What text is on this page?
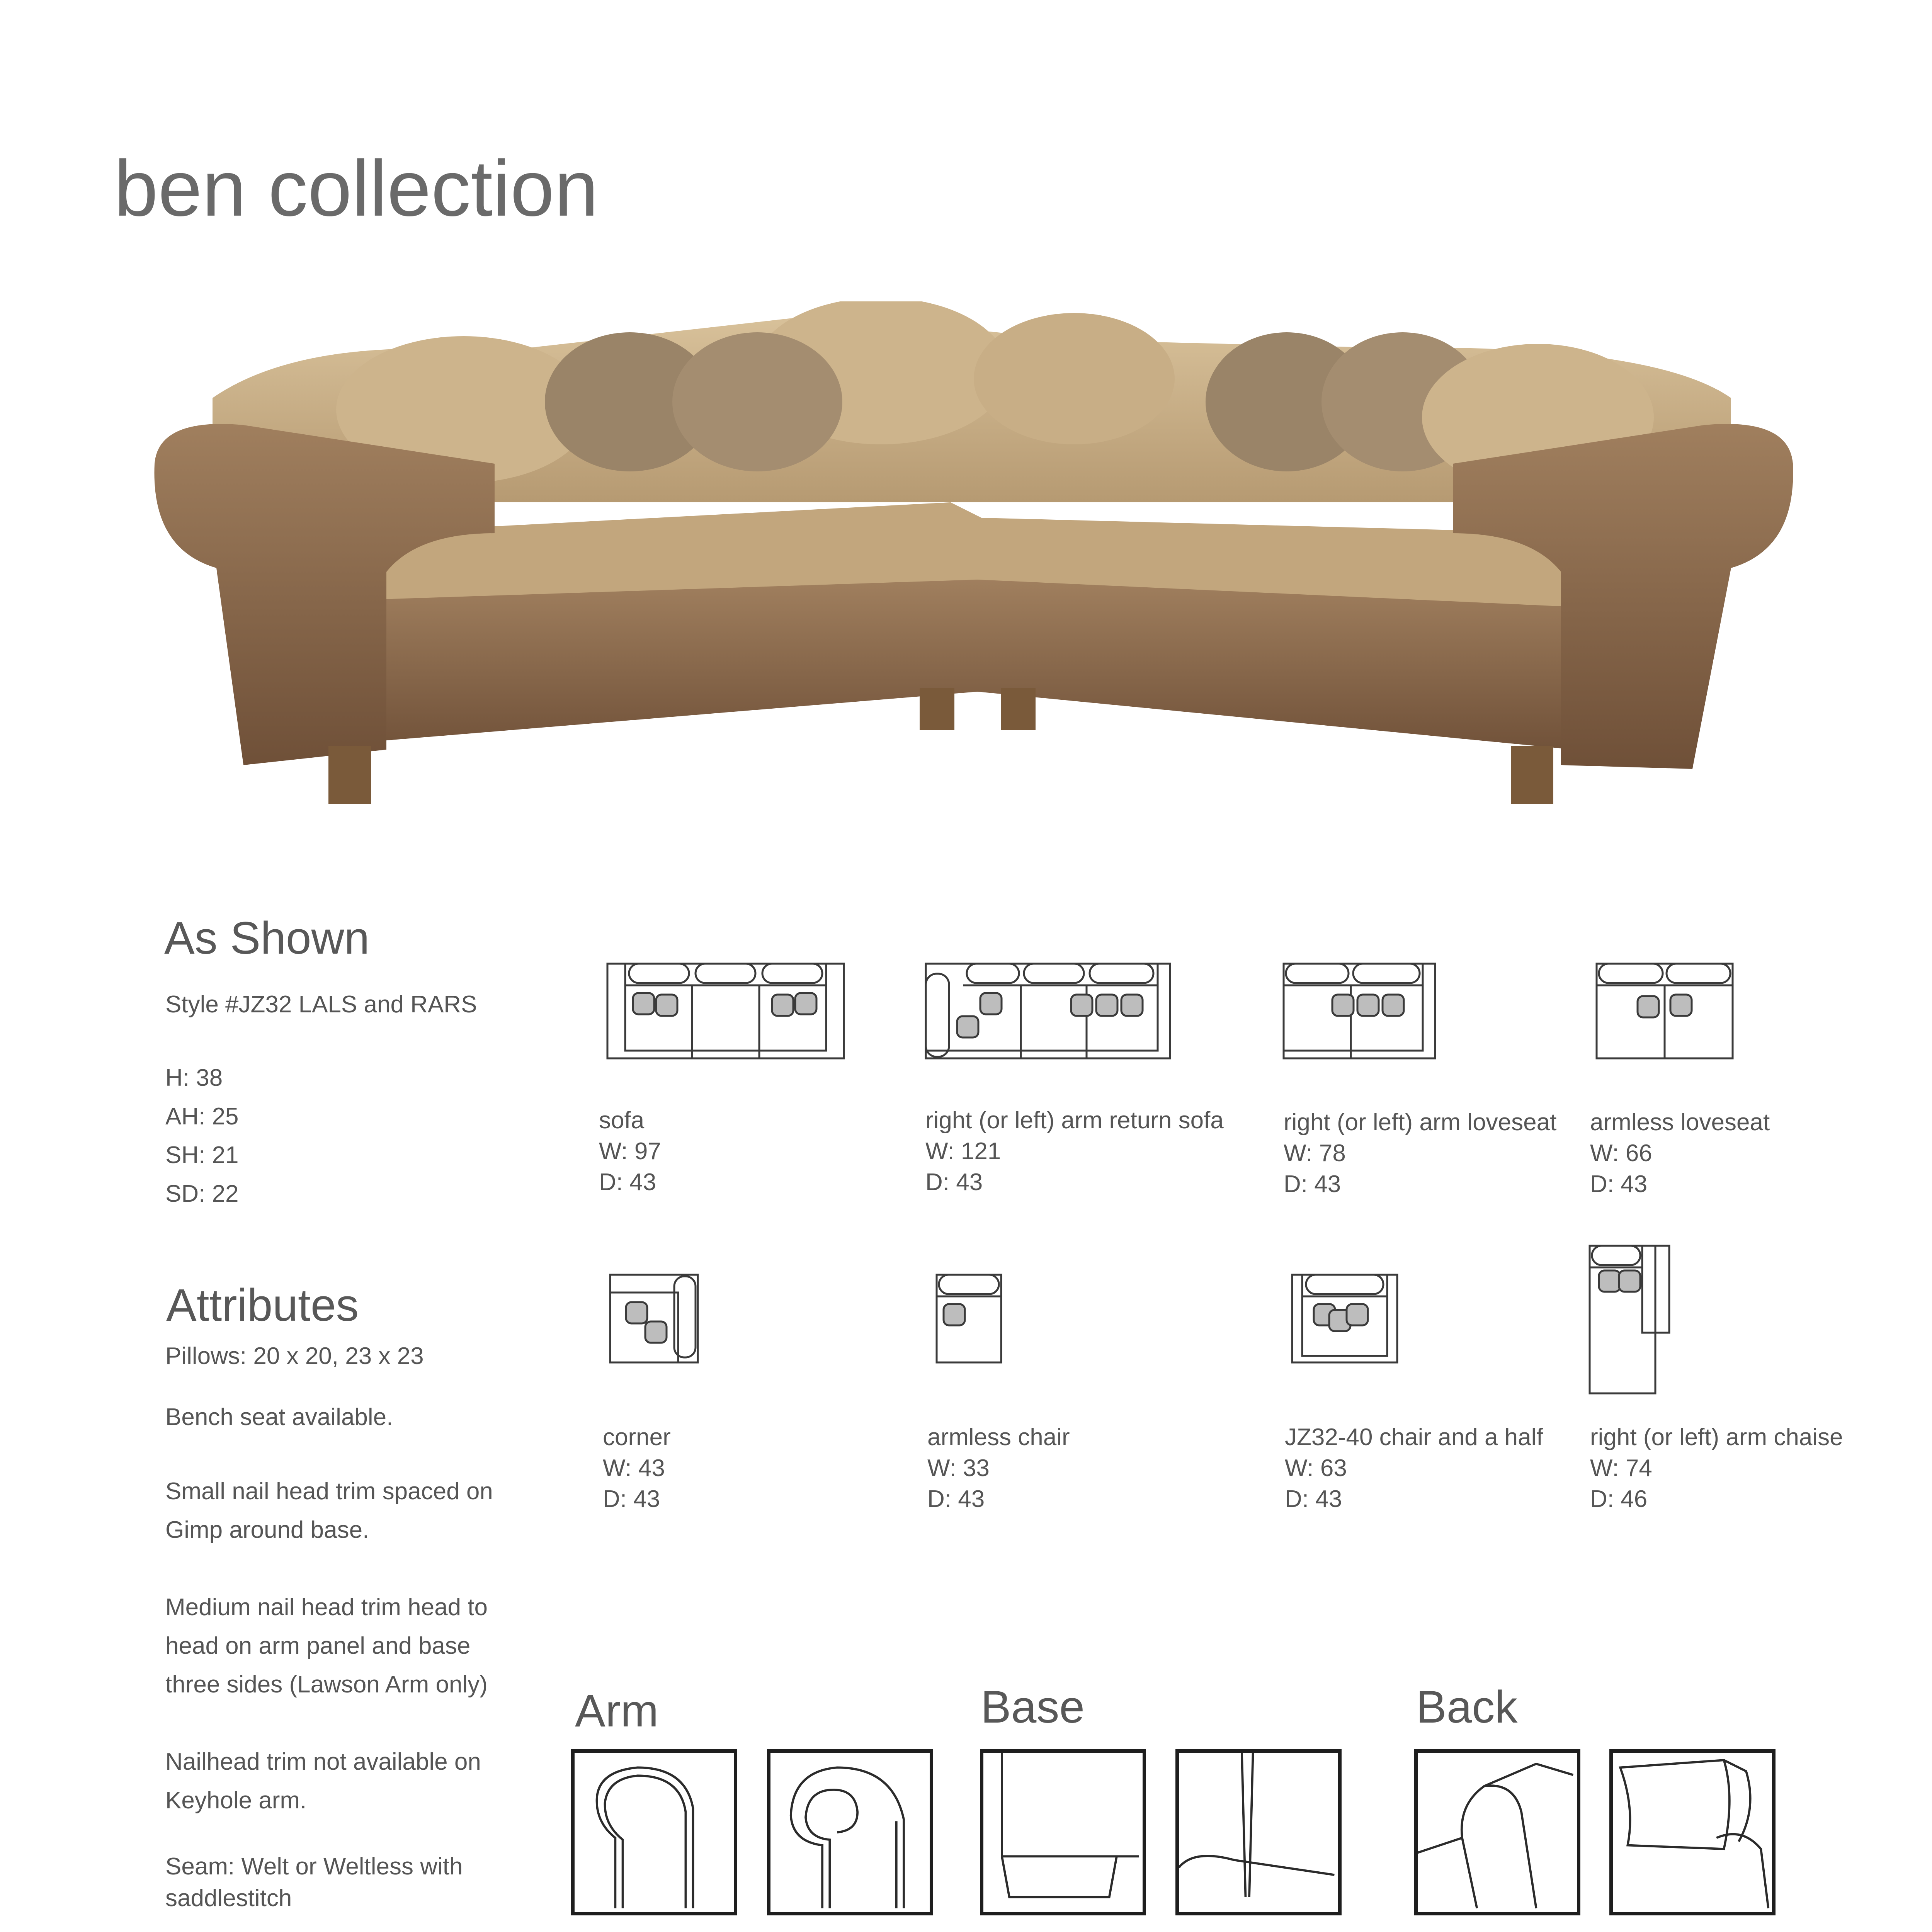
ben collection
As Shown
Style #JZ32 LALS and RARS
H: 38
AH: 25
SH: 21
SD: 22
Attributes
Pillows: 20 x 20, 23 x 23
Bench seat available.
Small nail head trim spaced on Gimp around base.
Medium nail head trim head to head on arm panel and base three sides (Lawson Arm only)
Nailhead trim not available on Keyhole arm.
Seam: Welt or Weltless with saddlestitch
sofa
W: 97
D: 43
right (or left) arm return sofa
W: 121
D: 43
right (or left) arm loveseat
W: 78
D: 43
armless loveseat
W: 66
D: 43
corner
W: 43
D: 43
armless chair
W: 33
D: 43
JZ32-40 chair and a half
W: 63
D: 43
right (or left) arm chaise
W: 74
D: 46
Arm	Base	Back
